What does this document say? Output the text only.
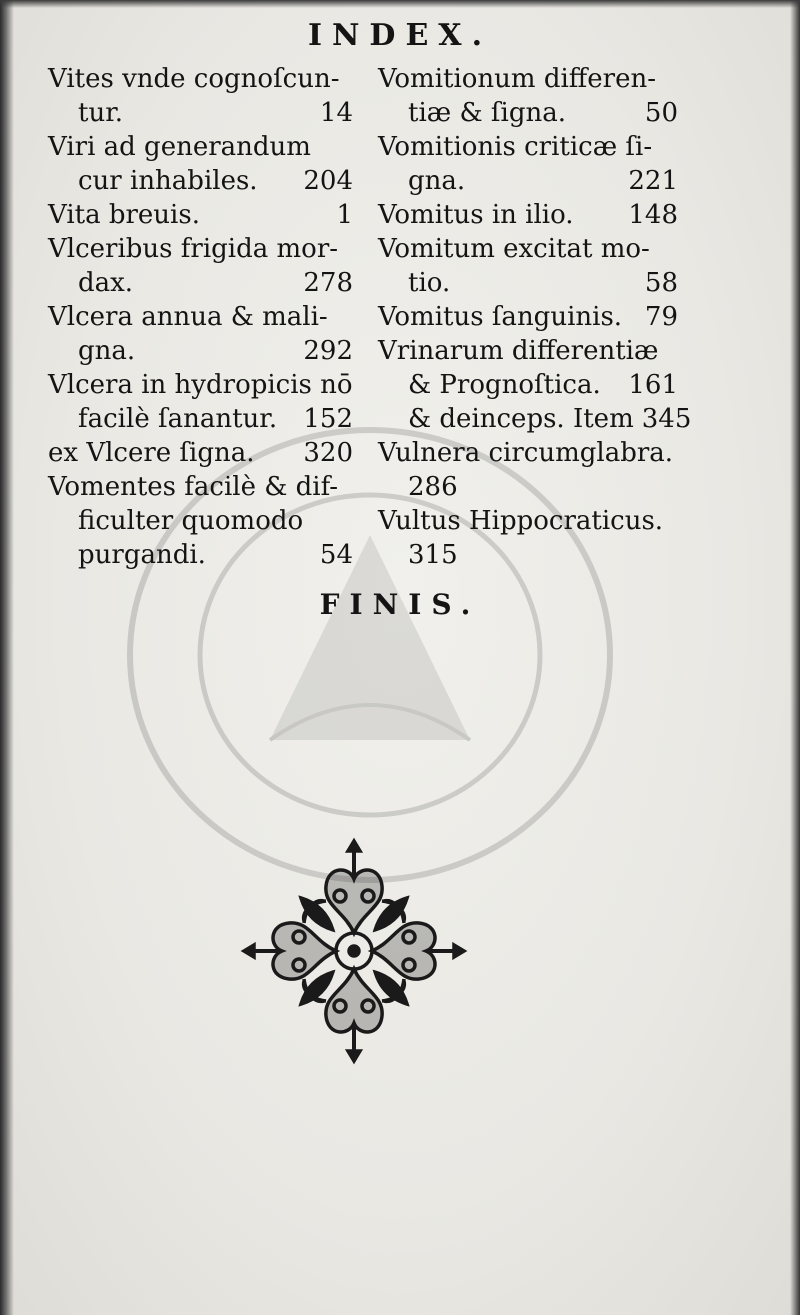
INDEX.
Vites vnde cognoſcun-
tur.	14
Viri ad generandum
cur inhabiles. 204
Vita breuis.	1
Vlceribus frigida mor-
dax.	278
Vlcera annua & mali-
gna.	292
Vlcera in hydropicis nō
facilè ſanantur. 152
ex Vlcere ſigna. 320
Vomentes facilè & dif-
ficulter quomodo
purgandi.	54
Vomitionum differen-
tiæ & ſigna.	50
Vomitionis criticæ ſi-
gna.	221
Vomitus in ilio. 148
Vomitum excitat mo-
tio.	58
Vomitus ſanguinis. 79
Vrinarum differentiæ
& Prognoſtica. 161
& deinceps. Item 345
Vulnera circumglabra.
286
Vultus Hippocraticus.
315
FINIS.
